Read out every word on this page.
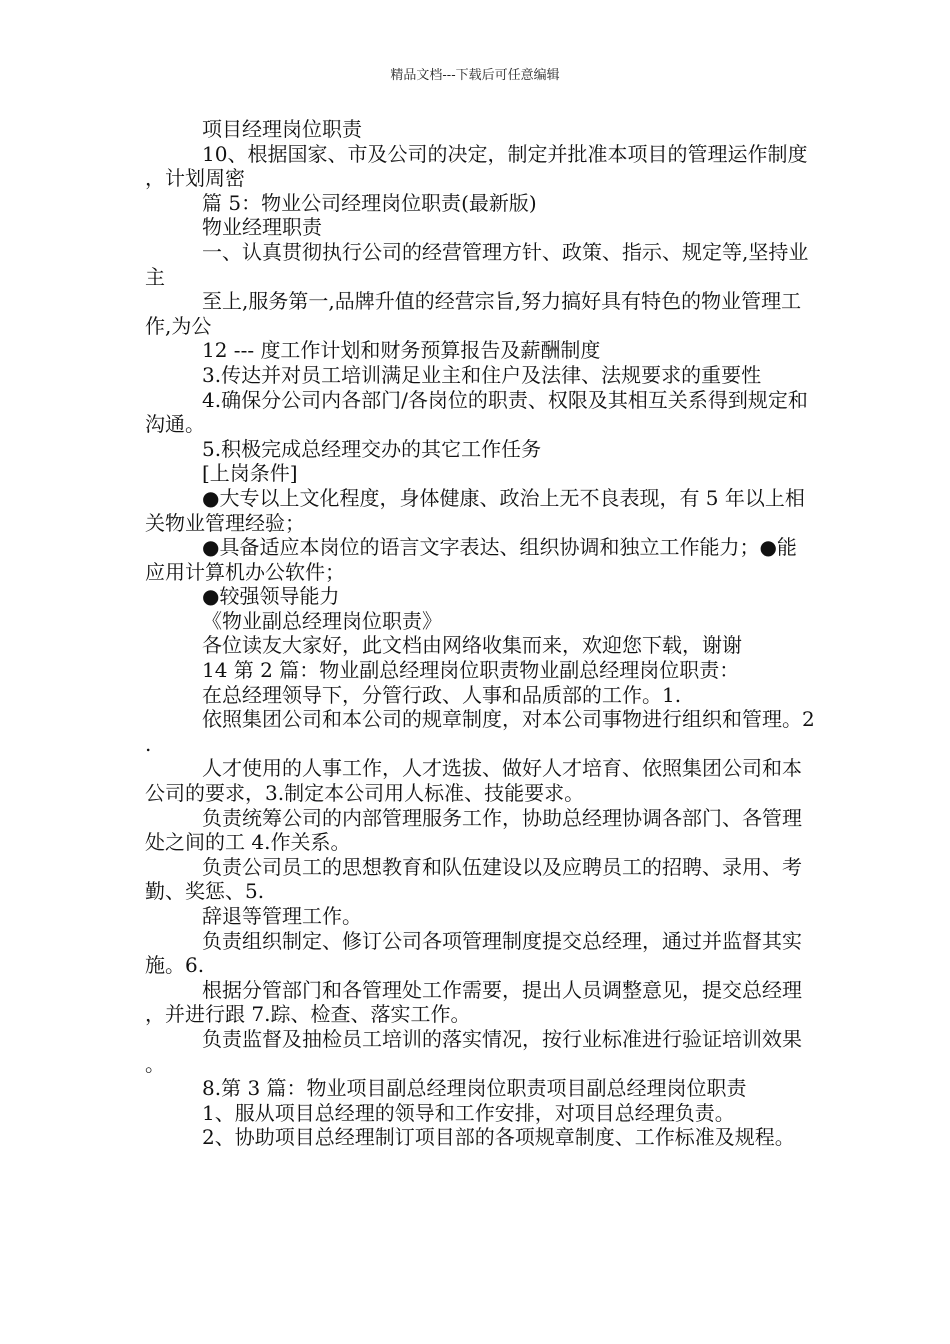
精品文档---下载后可任意编辑

项目经理岗位职责

10、根据国家、市及公司的决定，制定并批准本项目的管理运作制度，计划周密

篇 5：物业公司经理岗位职责(最新版)

物业经理职责

一、认真贯彻执行公司的经营管理方针、政策、指示、规定等,坚持业主

至上,服务第一,品牌升值的经营宗旨,努力搞好具有特色的物业管理工作,为公

12 --- 度工作计划和财务预算报告及薪酬制度

3.传达并对员工培训满足业主和住户及法律、法规要求的重要性

4.确保分公司内各部门/各岗位的职责、权限及其相互关系得到规定和沟通。

5.积极完成总经理交办的其它工作任务

[上岗条件]

●大专以上文化程度，身体健康、政治上无不良表现，有 5 年以上相关物业管理经验；

●具备适应本岗位的语言文字表达、组织协调和独立工作能力；●能应用计算机办公软件；

●较强领导能力

《物业副总经理岗位职责》

各位读友大家好，此文档由网络收集而来，欢迎您下载，谢谢

14 第 2 篇：物业副总经理岗位职责物业副总经理岗位职责：

在总经理领导下，分管行政、人事和品质部的工作。1.

依照集团公司和本公司的规章制度，对本公司事物进行组织和管理。2.

人才使用的人事工作，人才选拔、做好人才培育、依照集团公司和本公司的要求，3.制定本公司用人标准、技能要求。

负责统筹公司的内部管理服务工作，协助总经理协调各部门、各管理处之间的工 4.作关系。

负责公司员工的思想教育和队伍建设以及应聘员工的招聘、录用、考勤、奖惩、5.

辞退等管理工作。

负责组织制定、修订公司各项管理制度提交总经理，通过并监督其实施。6.

根据分管部门和各管理处工作需要，提出人员调整意见，提交总经理，并进行跟 7.踪、检查、落实工作。

负责监督及抽检员工培训的落实情况，按行业标准进行验证培训效果。

8.第 3 篇：物业项目副总经理岗位职责项目副总经理岗位职责

1、服从项目总经理的领导和工作安排，对项目总经理负责。

2、协助项目总经理制订项目部的各项规章制度、工作标准及规程。
